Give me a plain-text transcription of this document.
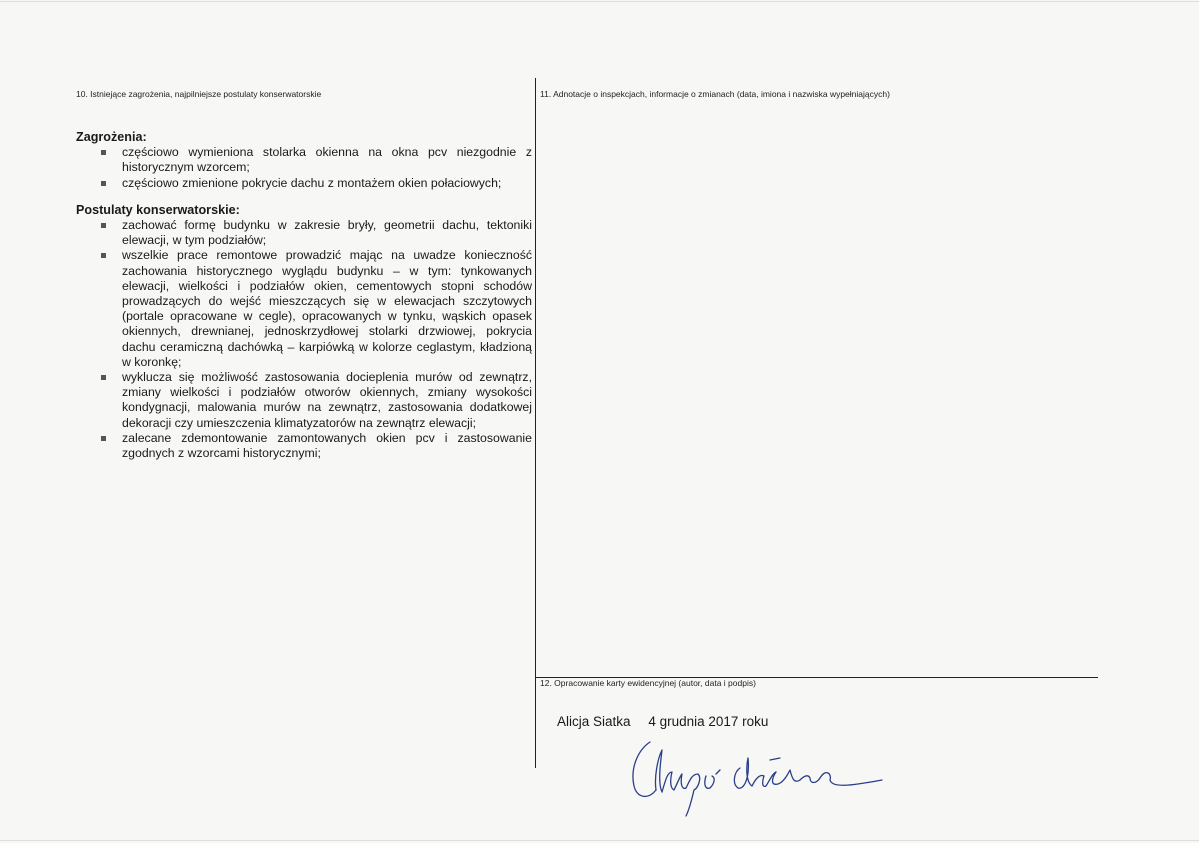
10. Istniejące zagrożenia, najpilniejsze postulaty konserwatorskie	11. Adnotacje o inspekcjach, informacje o zmianach (data, imiona i nazwiska wypełniających)
12. Opracowanie karty ewidencyjnej (autor, data i podpis)

Zagrożenia:

częściowo wymieniona stolarka okienna na okna pcv niezgodnie z historycznym wzorcem;
częściowo zmienione pokrycie dachu z montażem okien połaciowych;

Postulaty konserwatorskie:

zachować formę budynku w zakresie bryły, geometrii dachu, tektoniki elewacji, w tym podziałów;
wszelkie prace remontowe prowadzić mając na uwadze konieczność zachowania historycznego wyglądu budynku – w tym: tynkowanych elewacji, wielkości i podziałów okien, cementowych stopni schodów prowadzących do wejść mieszczących się w elewacjach szczytowych (portale opracowane w cegle), opracowanych w tynku, wąskich opasek okiennych, drewnianej, jednoskrzydłowej stolarki drzwiowej, pokrycia dachu ceramiczną dachówką – karpiówką w kolorze ceglastym, kładzioną w koronkę;
wyklucza się możliwość zastosowania docieplenia murów od zewnątrz, zmiany wielkości i podziałów otworów okiennych, zmiany wysokości kondygnacji, malowania murów na zewnątrz, zastosowania dodatkowej dekoracji czy umieszczenia klimatyzatorów na zewnątrz elewacji;
zalecane zdemontowanie zamontowanych okien pcv i zastosowanie zgodnych z wzorcami historycznymi;
Alicja Siatka 4 grudnia 2017 roku
